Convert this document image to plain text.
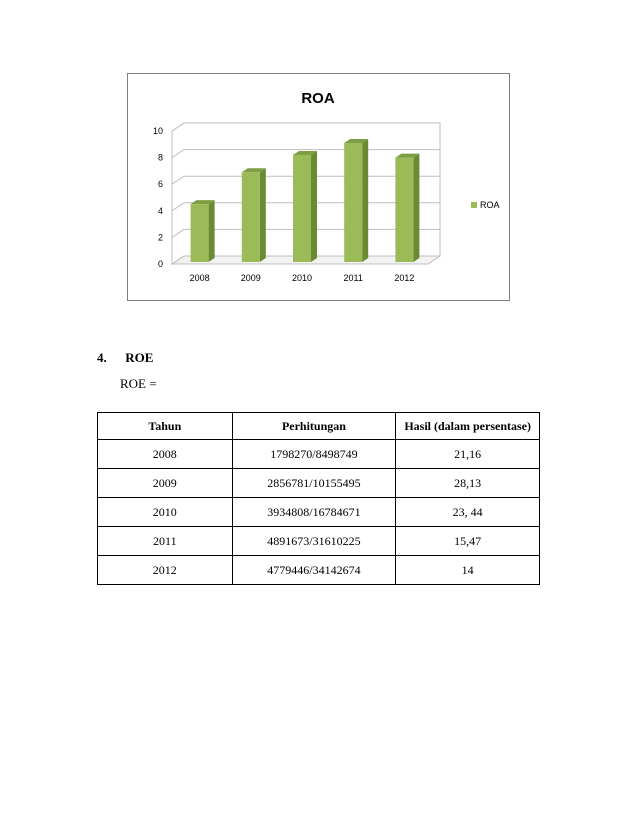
0
2
4
6
8
10
2008	2009	2010	2011	2012
ROA
ROA
4. ROE
ROE =
Tahun	Perhitungan	Hasil (dalam persentase)
2008	1798270/8498749	21,16
2009	2856781/10155495	28,13
2010	3934808/16784671	23, 44
2011	4891673/31610225	15,47
2012	4779446/34142674	14
